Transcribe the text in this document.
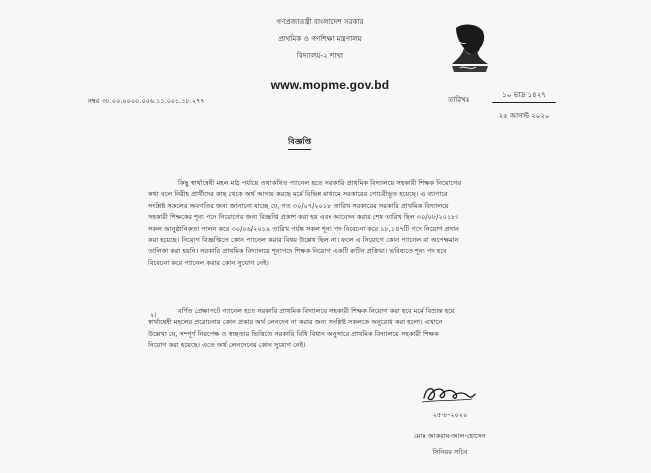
গণপ্রজাতন্ত্রী বাংলাদেশ সরকার
প্রাথমিক ও গণশিক্ষা মন্ত্রণালয়
বিদ্যালয়-২ শাখা
www.mopme.gov.bd
নম্বর ৩৮.০০.০০০০.০০৬.১১.০০১.১৮.২৭৭	তারিখঃ
১০ ভাদ্র ১৪২৭
২৫ আগস্ট ২০২০
বিজ্ঞপ্তি
কিছু স্বার্থান্বেষী মহল মাঠ পর্যায়ে তথাকথিত প্যানেল হতে সরকারি প্রাথমিক বিদ্যালয়ে সহকারী শিক্ষক নিয়োগের
কথা বলে নিরীহ প্রার্থীদের কাছ থেকে অর্থ আদায় করছে মর্মে বিভিন্ন মাধ্যমে সরকারের গোচরীভূত হয়েছে। এ ব্যাপারে
সংশ্লিষ্ট সকলের অবগতির জন্য জানানো যাচ্ছে যে, গত ৩০/০৭/২০১৮ তারিখ সরকারের সরকারি প্রাথমিক বিদ্যালয়ে
সহকারী শিক্ষকের শূন্য পদে নিয়োগের জন্য বিজ্ঞপ্তি প্রকাশ করা হয় এবং আবেদন করার শেষ তারিখ ছিল ৩০/০৮/২০১৮।
সকল আনুষ্ঠানিকতা পালন করে ৩০/০৬/২০১৯ তারিখ পর্যন্ত সকল শূন্য পদ বিবেচনা করে ১৮,১৪৭টি পদে নিয়োগ প্রদান
করা হয়েছে। নিয়োগ বিজ্ঞপ্তিতে কোন প্যানেল করার বিষয় উল্লেখ ছিল না। ফলে এ নিয়োগে কোন প্যানেল বা অপেক্ষমান
তালিকা করা হয়নি। সরকারি প্রাথমিক বিদ্যালয়ে শূন্যপদে শিক্ষক নিয়োগ একটি রুটিন প্রক্রিয়া। ভবিষ্যতে শূন্য পদ হবে
বিবেচনা করে প্যানেল করার কোন সুযোগ নেই।
২।	বর্ণিত প্রেক্ষাপটে প্যানেল হতে সরকারি প্রাথমিক বিদ্যালয়ে সহকারী শিক্ষক নিয়োগ করা হবে মর্মে বিভ্রান্ত হয়ে
স্বার্থান্বেষী মহলের প্ররোচনায় কোন প্রকার অর্থ লেনদেন না করার জন্য সংশ্লিষ্ট সকলকে অনুরোধ করা হলো। এখানে
উল্লেখ্য যে, সম্পূর্ণ নিরপেক্ষ ও স্বচ্ছতার ভিত্তিতে সরকারি বিধি বিধান অনুসারে প্রাথমিক বিদ্যালয়ে সহকারী শিক্ষক
নিয়োগ করা হয়েছে। এতে অর্থ লেনদেনের কোন সুযোগ নেই।
২৫-৮-২০২০
মোঃ আকরাম-আল-হোসেন
সিনিয়র সচিব
